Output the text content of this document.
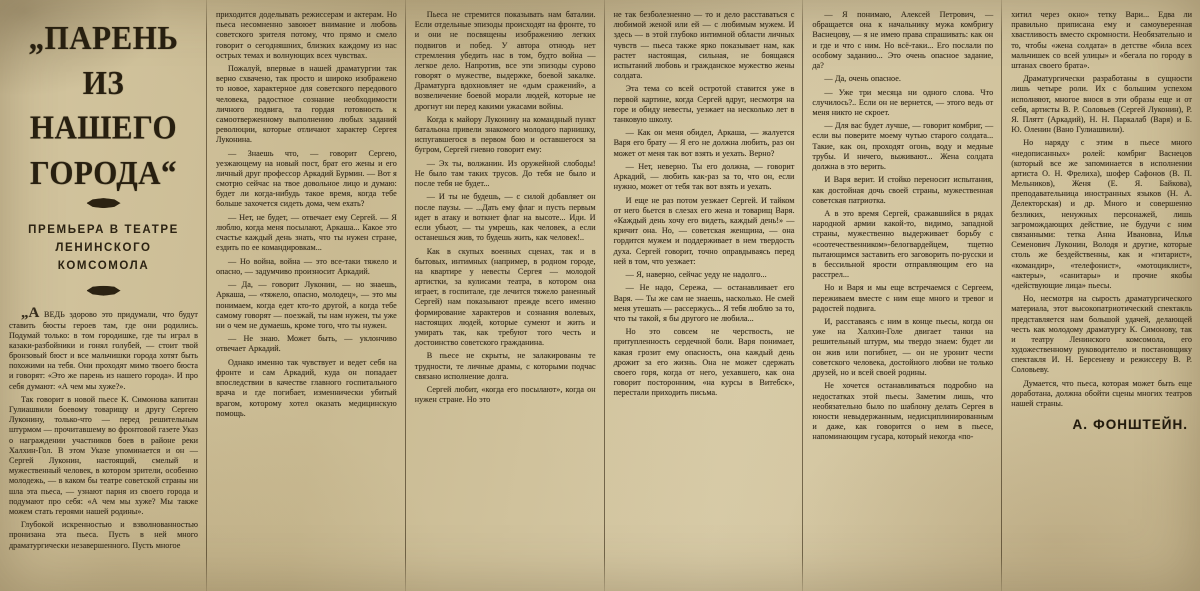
„ПАРЕНЬ
ИЗ НАШЕГО
ГОРОДА“
ПРЕМЬЕРА В ТЕАТРЕ ЛЕНИНСКОГО КОМСОМОЛА

„А ВЕДЬ здорово это придумали, что будут ставить бюсты героев там, где они родились. Подумай только: в том городишке, где ты играл в казаки-разбойники и гонял голубей, — стоит твой бронзовый бюст и все мальчишки города хотят быть похожими на тебя. Они проходят мимо твоего бюста и говорят: «Это же парень из нашего города». И про себя думают: «А чем мы хуже?».

Так говорит в новой пьесе К. Симонова капитан Гулиашвили боевому товарищу и другу Сергею Луконину, только-что — перед решительным штурмом — прочитавшему во фронтовой газете Указ о награждении участников боев в районе реки Халхин-Гол. В этом Указе упоминается и он — Сергей Луконин, настоящий, смелый и мужественный человек, в котором зрители, особенно молодежь, — в каком бы театре советской страны ни шла эта пьеса, — узнают парня из своего города и подумают про себя: «А чем мы хуже? Мы также можем стать героями нашей родины».

Глубокой искренностью и взволнованностью пронизана эта пьеса. Пусть в ней много драматургически незавершенного. Пусть многое

приходится доделывать режиссерам и актерам. Но пьеса несомненно завоюет внимание и любовь советского зрителя потому, что прямо и смело говорит о сегодняшних, близких каждому из нас острых темах и волнующих всех чувствах.

Пожалуй, впервые в нашей драматургии так верно схвачено, так просто и широко изображено то новое, характерное для советского передового человека, радостное сознание необходимости личного подвига, та гордая готовность к самоотверженному выполнению любых заданий революции, которые отличают характер Сергея Луконина.

— Знаешь что, — говорит Сергею, уезжающему на новый пост, брат его жены и его личный друг профессор Аркадий Бурмин. — Вот я смотрю сейчас на твое довольное лицо и думаю: будет ли когда-нибудь такое время, когда тебе больше захочется сидеть дома, чем ехать?

— Нет, не будет, — отвечает ему Сергей. — Я люблю, когда меня посылают, Аркаша... Какое это счастье каждый день знать, что ты нужен стране, ездить по ее командировкам...

— Но война, война — это все-таки тяжело и опасно, — задумчиво произносит Аркадий.

— Да, — говорит Луконин, — но знаешь, Аркаша, — «тяжело, опасно, молодец», — это мы понимаем, когда едет кто-то другой, а когда тебе самому говорят — поезжай, ты нам нужен, ты уже ни о чем не думаешь, кроме того, что ты нужен.

— Не знаю. Может быть, — уклончиво отвечает Аркадий.

Однако именно так чувствует и ведет себя на фронте и сам Аркадий, куда он попадает впоследствии в качестве главного госпитального врача и где погибает, изменнически убитый врагом, которому хотел оказать медицинскую помощь.

Пьеса не стремится показывать нам баталии. Если отдельные эпизоды происходят на фронте, то и они не посвящены изображению легких подвигов и побед. У автора отнюдь нет стремления убедить нас в том, будто война — легкое дело. Напротив, все эти эпизоды сурово говорят о мужестве, выдержке, боевой закалке. Драматурга вдохновляет не «дым сражений», а возвеличение боевой морали людей, которые не дрогнут ни перед какими ужасами войны.

Когда к майору Луконину на командный пункт батальона привели знакомого молодого парнишку, испугавшегося в первом бою и оставшегося за бугром, Сергей гневно говорит ему:

— Эх ты, волжанин. Из оружейной слободы! Не было там таких трусов. До тебя не было и после тебя не будет...

— И ты не будешь, — с силой добавляет он после паузы. — ...Дать ему флаг и пусть первым идет в атаку и воткнет флаг на высоте... Иди. И если убьют, — ты умрешь, как человек, а если останешься жив, то будешь жить, как человек!..

Как в скупых военных сценах, так и в бытовых, интимных (например, в родном городе, на квартире у невесты Сергея — молодой артистки, за кулисами театра, в котором она играет, в госпитале, где лечится тяжело раненный Сергей) нам показывают прежде всего именно формирование характеров и сознания волевых, настоящих людей, которые сумеют и жить и умирать так, как требуют того честь и достоинство советского гражданина.

В пьесе не скрыты, не залакированы те трудности, те личные драмы, с которыми подчас связано исполнение долга.

Сергей любит, «когда его посылают», когда он нужен стране. Но это

не так безболезненно — то и дело расставаться с любимой женой или ей — с любимым мужем. И здесь — в этой глубоко интимной области личных чувств — пьеса также ярко показывает нам, как растет настоящая, сильная, не боящаяся испытаний любовь и гражданское мужество жены солдата.

Эта тема со всей остротой ставится уже в первой картине, когда Сергей вдруг, несмотря на горе и обиду невесты, уезжает на несколько лет в танковую школу.

— Как он меня обидел, Аркаша, — жалуется Варя его брату — Я его не должна любить, раз он может от меня так вот взять и уехать. Верно?

— Нет, неверно. Ты его должна, — говорит Аркадий, — любить как-раз за то, что он, если нужно, может от тебя так вот взять и уехать.

И еще не раз потом уезжает Сергей. И тайком от него бьется в слезах его жена и товарищ Варя. «Каждый день хочу его видеть, каждый день!» — кричит она. Но, — советская женщина, — она гордится мужем и поддерживает в нем твердость духа. Сергей говорит, точно оправдываясь перед ней в том, что уезжает:

— Я, наверно, сейчас уеду не надолго...

— Не надо, Сережа, — останавливает его Варя. — Ты же сам не знаешь, насколько. Не смей меня утешать — рассержусь... Я тебя люблю за то, что ты такой, я бы другого не любила...

Но это совсем не черствость, не притупленность сердечной боли. Варя понимает, какая грозит ему опасность, она каждый день дрожит за его жизнь. Она не может сдержать своего горя, когда от него, уехавшего, как она говорит посторонним, «на курсы в Витебск», перестали приходить письма.

— Я понимаю, Алексей Петрович, — обращается она к начальнику мужа комбригу Васнецову, — я не имею права спрашивать: как он и где и что с ним. Но всё-таки... Его послали по особому заданию... Это очень опасное задание, да?

— Да, очень опасное.

— Уже три месяца ни одного слова. Что случилось?.. Если он не вернется, — этого ведь от меня никто не скроет.

— Для вас будет лучше, — говорит комбриг, — если вы поверите моему чутью старого солдата... Такие, как он, проходят огонь, воду и медные трубы. И ничего, выживают... Жена солдата должна в это верить.

И Варя верит. И стойко переносит испытания, как достойная дочь своей страны, мужественная советская патриотка.

А в это время Сергей, сражавшийся в рядах народной армии какой-то, видимо, западной страны, мужественно выдерживает борьбу с «соотечественником»-белогвардейцем, тщетно пытающимся заставить его заговорить по-русски и в бессильной ярости отправляющим его на расстрел...

Но и Варя и мы еще встречаемся с Сергеем, переживаем вместе с ним еще много и тревог и радостей подвига.

И, расставаясь с ним в конце пьесы, когда он уже на Халхин-Голе двигает танки на решительный штурм, мы твердо знаем: будет ли он жив или погибнет, — он не уронит чести советского человека, достойного любви не только друзей, но и всей своей родины.

Не хочется останавливаться подробно на недостатках этой пьесы. Заметим лишь, что необязательно было по шаблону делать Сергея в юности невыдержанным, недисциплинированным и даже, как говорится о нем в пьесе, напоминающим гусара, который некогда «по-

хитил через окно» тетку Вари... Едва ли правильно приписана ему и самоуверенная хвастливость вместо скромности. Необязательно и то, чтобы «жена солдата» в детстве «била всех мальчишек со всей улицы» и «бегала по городу в штанах своего брата».

Драматургически разработаны в сущности лишь четыре роли. Их с большим успехом исполняют, многое внося в эти образы еще и от себя, артисты В. Р. Соловьев (Сергей Луконин), Р. Я. Плятт (Аркадий), Н. Н. Паркалаб (Варя) и Б. Ю. Оленин (Вано Гулиашвили).

Но наряду с этим в пьесе много «недописанных» ролей: комбриг Васнецов (который все же запоминается в исполнении артиста О. Н. Фрелиха), шофер Сафонов (В. П. Мельников), Женя (Е. Я. Байкова), преподавательница иностранных языков (Н. А. Делекторская) и др. Много и совершенно безликих, ненужных персонажей, лишь загромождающих действие, не будучи с ним связанными: тетка Анна Ивановна, Илья Семенович Луконин, Володя и другие, которые столь же бездейственны, как и «гитарист», «командир», «телефонист», «мотоциклист», «актеры», «санитары» и прочие якобы «действующие лица» пьесы.

Но, несмотря на сырость драматургического материала, этот высокопатриотический спектакль представляется нам большой удачей, делающей честь как молодому драматургу К. Симонову, так и театру Ленинского комсомола, его художественному руководителю и постановщику спектакля И. Н. Берсеневу и режиссеру В. Р. Соловьеву.

Думается, что пьеса, которая может быть еще доработана, должна обойти сцены многих театров нашей страны.

А. ФОНШТЕЙН.
